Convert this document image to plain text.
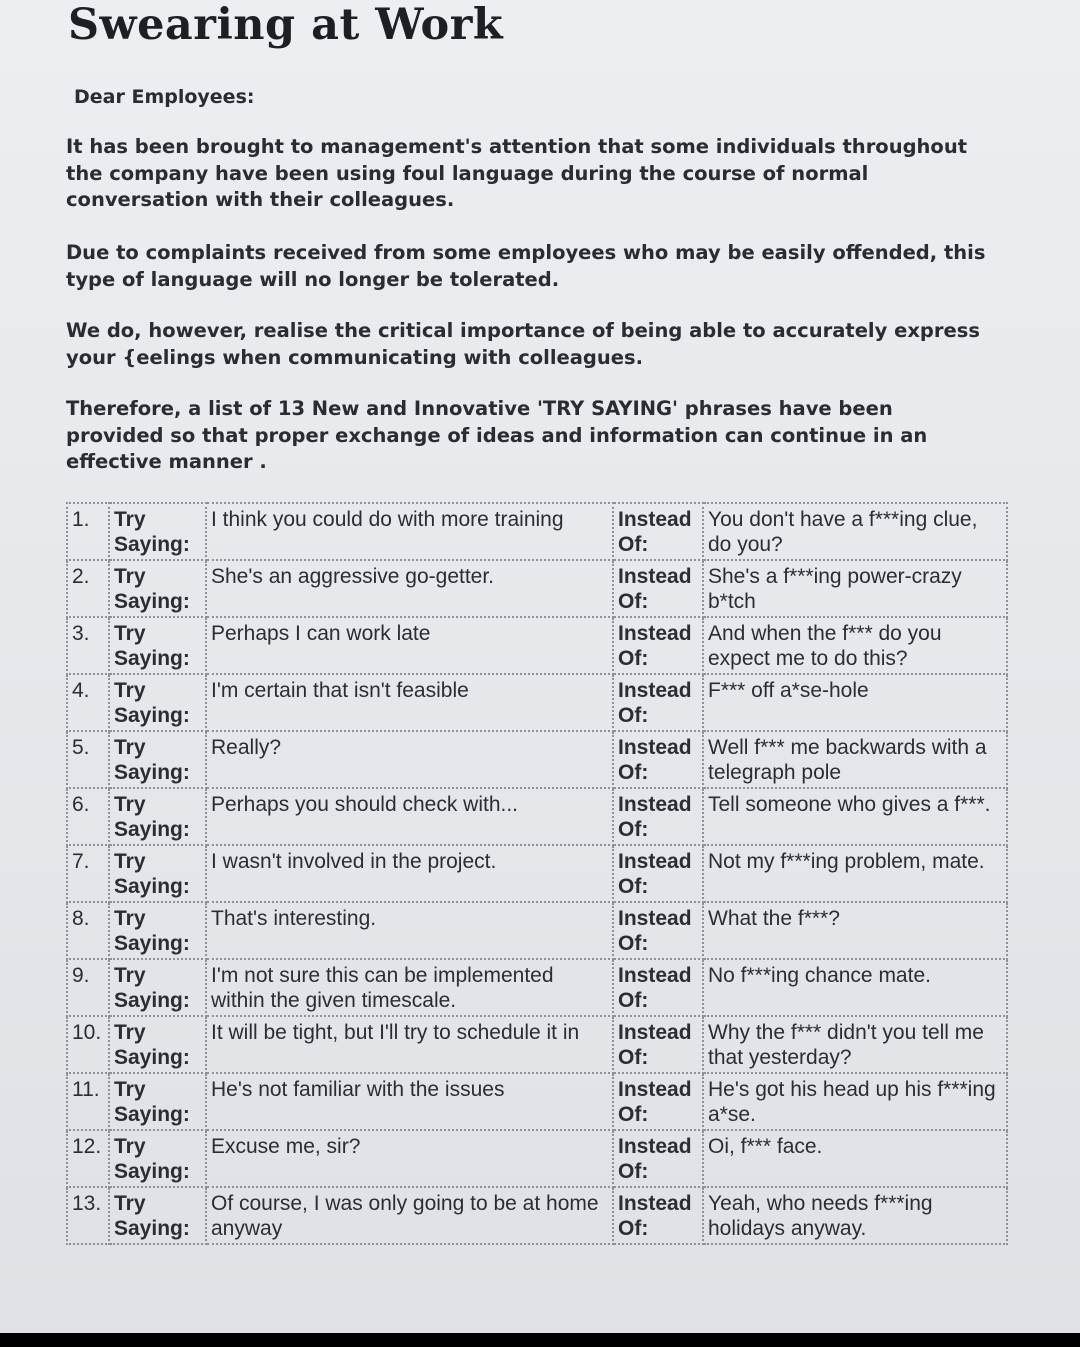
Swearing at Work
Dear Employees:

It has been brought to management's attention that some individuals throughout the company have been using foul language during the course of normal conversation with their colleagues.

Due to complaints received from some employees who may be easily offended, this type of language will no longer be tolerated.

We do, however, realise the critical importance of being able to accurately express your {eelings when communicating with colleagues.

Therefore, a list of 13 New and Innovative 'TRY SAYING' phrases have been provided so that proper exchange of ideas and information can continue in an effective manner .

1.	Try Saying:	I think you could do with more training	Instead Of:	You don't have a f***ing clue, do you?
2.	Try Saying:	She's an aggressive go-getter.	Instead Of:	She's a f***ing power-crazy b*tch
3.	Try Saying:	Perhaps I can work late	Instead Of:	And when the f*** do you expect me to do this?
4.	Try Saying:	I'm certain that isn't feasible	Instead Of:	F*** off a*se-hole
5.	Try Saying:	Really?	Instead Of:	Well f*** me backwards with a telegraph pole
6.	Try Saying:	Perhaps you should check with...	Instead Of:	Tell someone who gives a f***.
7.	Try Saying:	I wasn't involved in the project.	Instead Of:	Not my f***ing problem, mate.
8.	Try Saying:	That's interesting.	Instead Of:	What the f***?
9.	Try Saying:	I'm not sure this can be implemented within the given timescale.	Instead Of:	No f***ing chance mate.
10.	Try Saying:	It will be tight, but I'll try to schedule it in	Instead Of:	Why the f*** didn't you tell me that yesterday?
11.	Try Saying:	He's not familiar with the issues	Instead Of:	He's got his head up his f***ing a*se.
12.	Try Saying:	Excuse me, sir?	Instead Of:	Oi, f*** face.
13.	Try Saying:	Of course, I was only going to be at home anyway	Instead Of:	Yeah, who needs f***ing holidays anyway.
